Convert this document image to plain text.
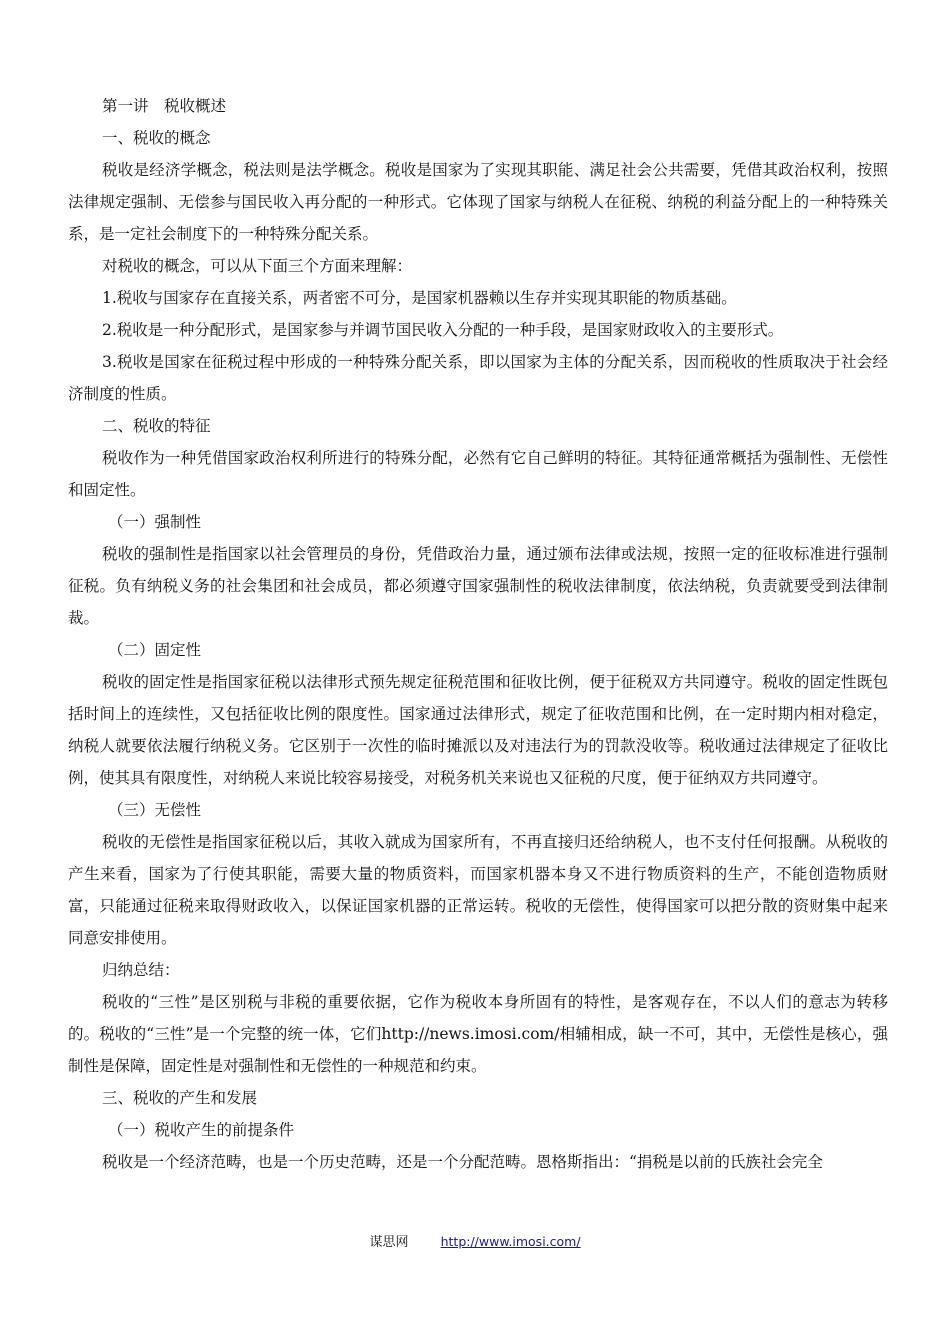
第一讲　税收概述

一、税收的概念

税收是经济学概念，税法则是法学概念。税收是国家为了实现其职能、满足社会公共需要，凭借其政治权利，按照法律规定强制、无偿参与国民收入再分配的一种形式。它体现了国家与纳税人在征税、纳税的利益分配上的一种特殊关系，是一定社会制度下的一种特殊分配关系。

对税收的概念，可以从下面三个方面来理解：

1.税收与国家存在直接关系，两者密不可分，是国家机器赖以生存并实现其职能的物质基础。

2.税收是一种分配形式，是国家参与并调节国民收入分配的一种手段，是国家财政收入的主要形式。

3.税收是国家在征税过程中形成的一种特殊分配关系，即以国家为主体的分配关系，因而税收的性质取决于社会经济制度的性质。

二、税收的特征

税收作为一种凭借国家政治权利所进行的特殊分配，必然有它自己鲜明的特征。其特征通常概括为强制性、无偿性和固定性。

（一）强制性

税收的强制性是指国家以社会管理员的身份，凭借政治力量，通过颁布法律或法规，按照一定的征收标准进行强制征税。负有纳税义务的社会集团和社会成员，都必须遵守国家强制性的税收法律制度，依法纳税，负责就要受到法律制裁。

（二）固定性

税收的固定性是指国家征税以法律形式预先规定征税范围和征收比例，便于征税双方共同遵守。税收的固定性既包括时间上的连续性，又包括征收比例的限度性。国家通过法律形式，规定了征收范围和比例，在一定时期内相对稳定，纳税人就要依法履行纳税义务。它区别于一次性的临时摊派以及对违法行为的罚款没收等。税收通过法律规定了征收比例，使其具有限度性，对纳税人来说比较容易接受，对税务机关来说也又征税的尺度，便于征纳双方共同遵守。

（三）无偿性

税收的无偿性是指国家征税以后，其收入就成为国家所有，不再直接归还给纳税人，也不支付任何报酬。从税收的产生来看，国家为了行使其职能，需要大量的物质资料，而国家机器本身又不进行物质资料的生产，不能创造物质财富，只能通过征税来取得财政收入，以保证国家机器的正常运转。税收的无偿性，使得国家可以把分散的资财集中起来同意安排使用。

归纳总结：

税收的“三性”是区别税与非税的重要依据，它作为税收本身所固有的特性，是客观存在，不以人们的意志为转移的。税收的“三性”是一个完整的统一体，它们http://news.imosi.com/相辅相成，缺一不可，其中，无偿性是核心，强制性是保障，固定性是对强制性和无偿性的一种规范和约束。

三、税收的产生和发展

（一）税收产生的前提条件

税收是一个经济范畴，也是一个历史范畴，还是一个分配范畴。恩格斯指出：“捐税是以前的氏族社会完全

谋思网	http://www.imosi.com/
